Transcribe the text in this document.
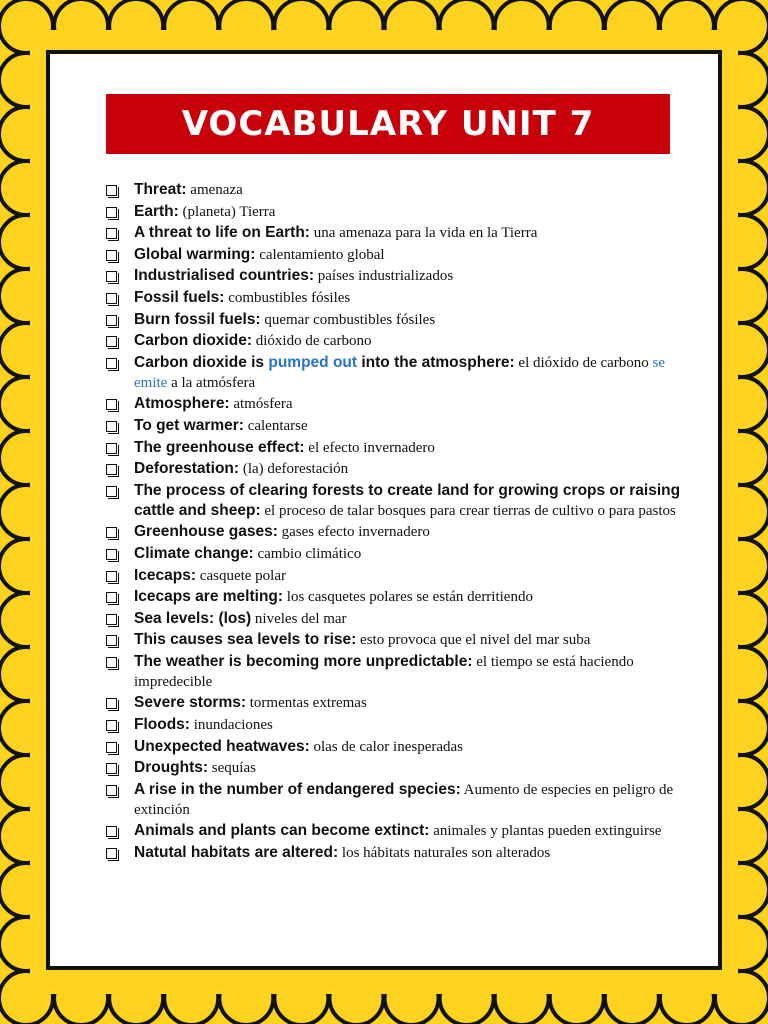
VOCABULARY UNIT 7
Threat: amenaza
Earth: (planeta) Tierra
A threat to life on Earth: una amenaza para la vida en la Tierra
Global warming: calentamiento global
Industrialised countries: países industrializados
Fossil fuels: combustibles fósiles
Burn fossil fuels: quemar combustibles fósiles
Carbon dioxide: dióxido de carbono
Carbon dioxide is pumped out into the atmosphere: el dióxido de carbono se emite a la atmósfera
Atmosphere: atmósfera
To get warmer: calentarse
The greenhouse effect: el efecto invernadero
Deforestation: (la) deforestación
The process of clearing forests to create land for growing crops or raising cattle and sheep: el proceso de talar bosques para crear tierras de cultivo o para pastos
Greenhouse gases: gases efecto invernadero
Climate change: cambio climático
Icecaps: casquete polar
Icecaps are melting: los casquetes polares se están derritiendo
Sea levels: (los) niveles del mar
This causes sea levels to rise: esto provoca que el nivel del mar suba
The weather is becoming more unpredictable: el tiempo se está haciendo impredecible
Severe storms: tormentas extremas
Floods: inundaciones
Unexpected heatwaves: olas de calor inesperadas
Droughts: sequías
A rise in the number of endangered species: Aumento de especies en peligro de extinción
Animals and plants can become extinct: animales y plantas pueden extinguirse
Natutal habitats are altered: los hábitats naturales son alterados
